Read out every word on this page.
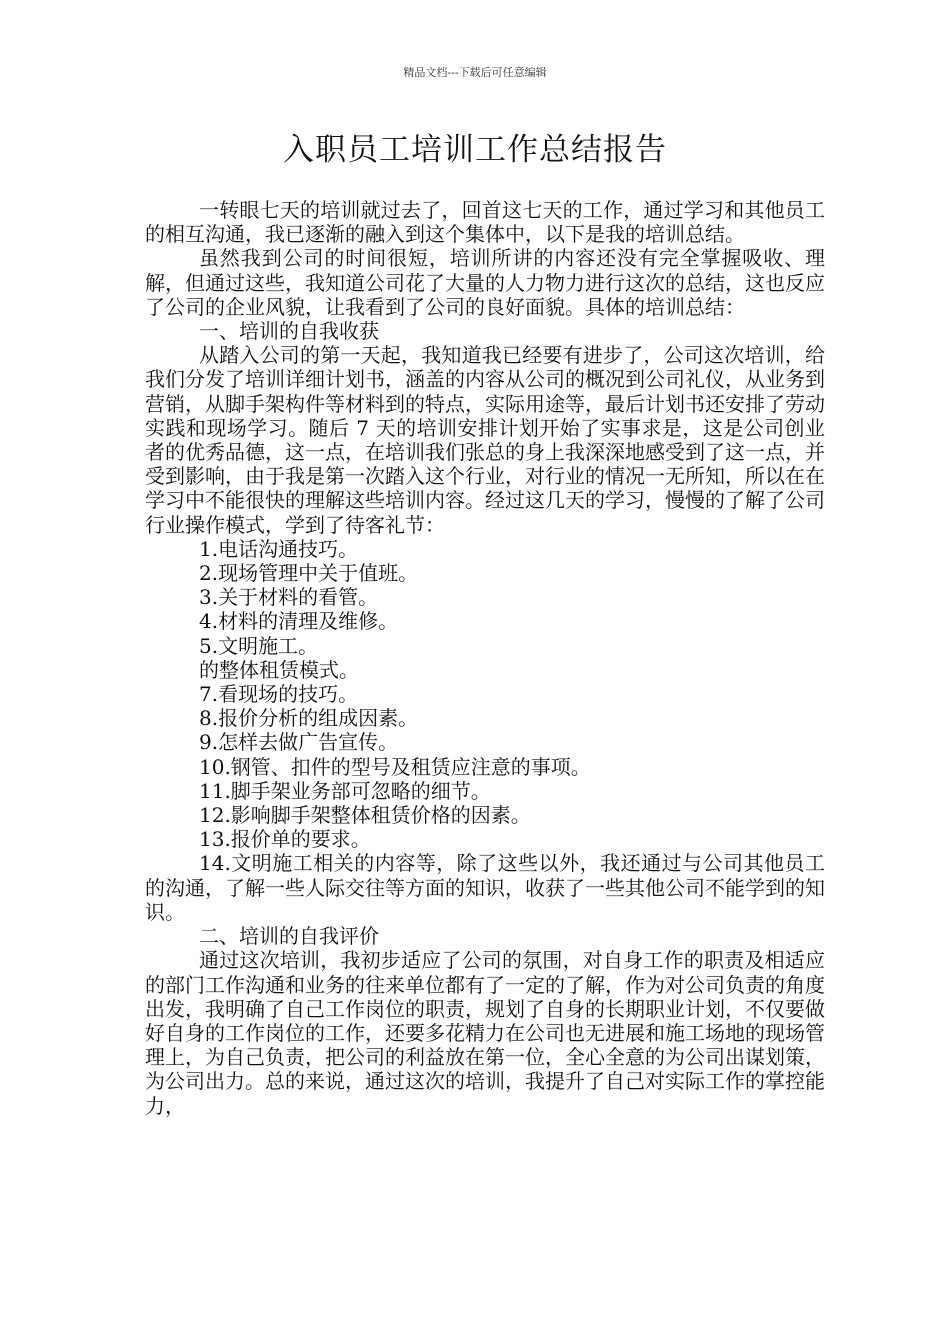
精品文档---下载后可任意编辑
入职员工培训工作总结报告

一转眼七天的培训就过去了，回首这七天的工作，通过学习和其他员工的相互沟通，我已逐渐的融入到这个集体中，以下是我的培训总结。

虽然我到公司的时间很短，培训所讲的内容还没有完全掌握吸收、理解，但通过这些，我知道公司花了大量的人力物力进行这次的总结，这也反应了公司的企业风貌，让我看到了公司的良好面貌。具体的培训总结：

一、培训的自我收获

从踏入公司的第一天起，我知道我已经要有进步了，公司这次培训，给我们分发了培训详细计划书，涵盖的内容从公司的概况到公司礼仪，从业务到营销，从脚手架构件等材料到的特点，实际用途等，最后计划书还安排了劳动实践和现场学习。随后 7 天的培训安排计划开始了实事求是，这是公司创业者的优秀品德，这一点，在培训我们张总的身上我深深地感受到了这一点，并受到影响，由于我是第一次踏入这个行业，对行业的情况一无所知，所以在在学习中不能很快的理解这些培训内容。经过这几天的学习，慢慢的了解了公司行业操作模式，学到了待客礼节：

1.电话沟通技巧。

2.现场管理中关于值班。

3.关于材料的看管。

4.材料的清理及维修。

5.文明施工。

的整体租赁模式。

7.看现场的技巧。

8.报价分析的组成因素。

9.怎样去做广告宣传。

10.钢管、扣件的型号及租赁应注意的事项。

11.脚手架业务部可忽略的细节。

12.影响脚手架整体租赁价格的因素。

13.报价单的要求。

14.文明施工相关的内容等，除了这些以外，我还通过与公司其他员工的沟通，了解一些人际交往等方面的知识，收获了一些其他公司不能学到的知识。

二、培训的自我评价

通过这次培训，我初步适应了公司的氛围，对自身工作的职责及相适应的部门工作沟通和业务的往来单位都有了一定的了解，作为对公司负责的角度出发，我明确了自己工作岗位的职责，规划了自身的长期职业计划，不仅要做好自身的工作岗位的工作，还要多花精力在公司也无进展和施工场地的现场管理上，为自己负责，把公司的利益放在第一位，全心全意的为公司出谋划策，为公司出力。总的来说，通过这次的培训，我提升了自己对实际工作的掌控能力，
